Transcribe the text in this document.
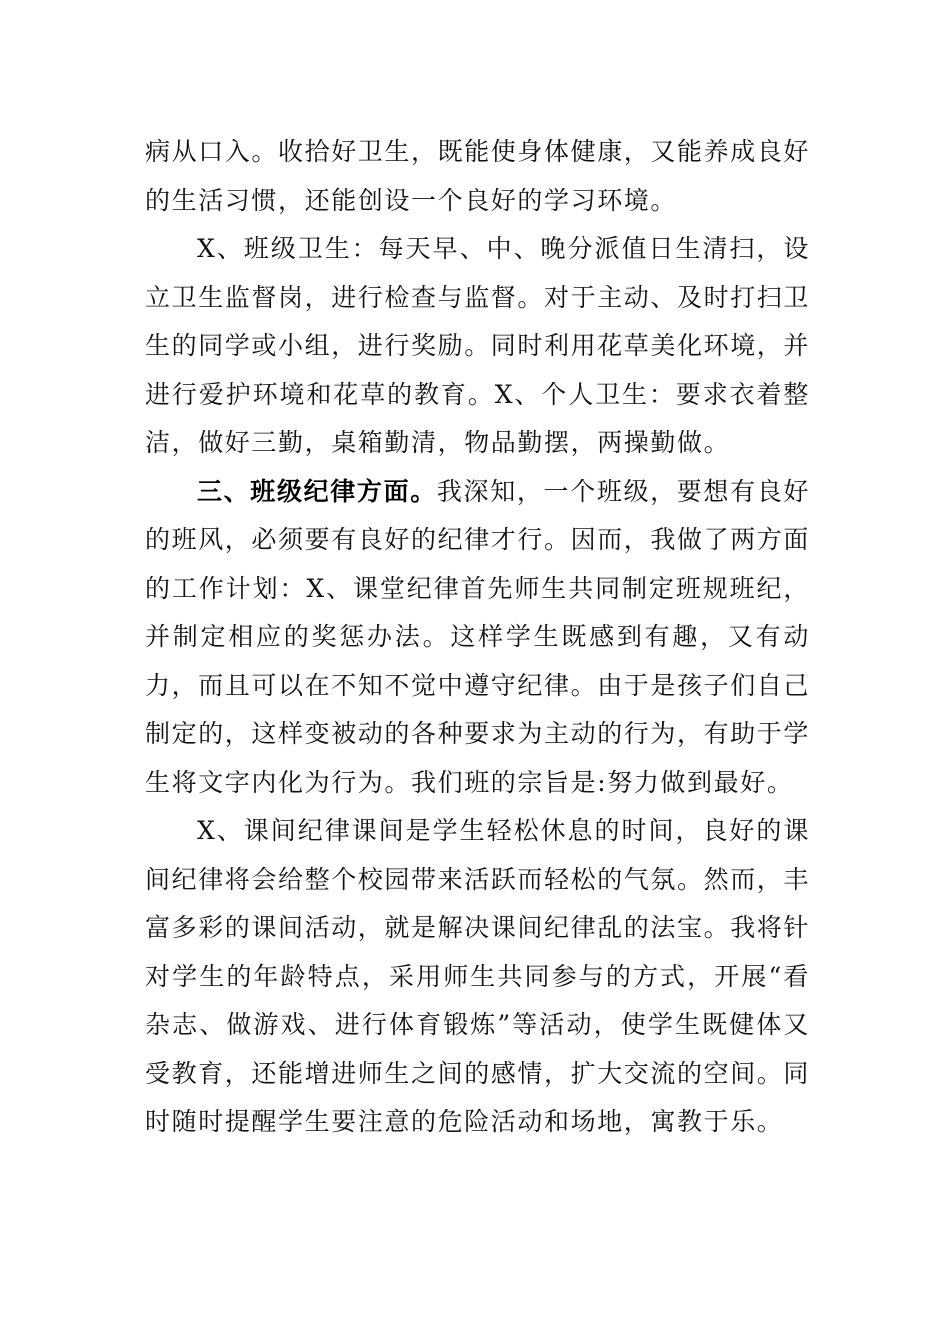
病从口入。收拾好卫生，既能使身体健康，又能养成良好的生活习惯，还能创设一个良好的学习环境。

X、班级卫生：每天早、中、晚分派值日生清扫，设立卫生监督岗，进行检查与监督。对于主动、及时打扫卫生的同学或小组，进行奖励。同时利用花草美化环境，并进行爱护环境和花草的教育。X、个人卫生：要求衣着整洁，做好三勤，桌箱勤清，物品勤摆，两操勤做。

三、班级纪律方面。我深知，一个班级，要想有良好的班风，必须要有良好的纪律才行。因而，我做了两方面的工作计划：X、课堂纪律首先师生共同制定班规班纪，并制定相应的奖惩办法。这样学生既感到有趣，又有动力，而且可以在不知不觉中遵守纪律。由于是孩子们自己制定的，这样变被动的各种要求为主动的行为，有助于学生将文字内化为行为。我们班的宗旨是:努力做到最好。

X、课间纪律课间是学生轻松休息的时间，良好的课间纪律将会给整个校园带来活跃而轻松的气氛。然而，丰富多彩的课间活动，就是解决课间纪律乱的法宝。我将针对学生的年龄特点，采用师生共同参与的方式，开展“看杂志、做游戏、进行体育锻炼”等活动，使学生既健体又受教育，还能增进师生之间的感情，扩大交流的空间。同时随时提醒学生要注意的危险活动和场地，寓教于乐。
